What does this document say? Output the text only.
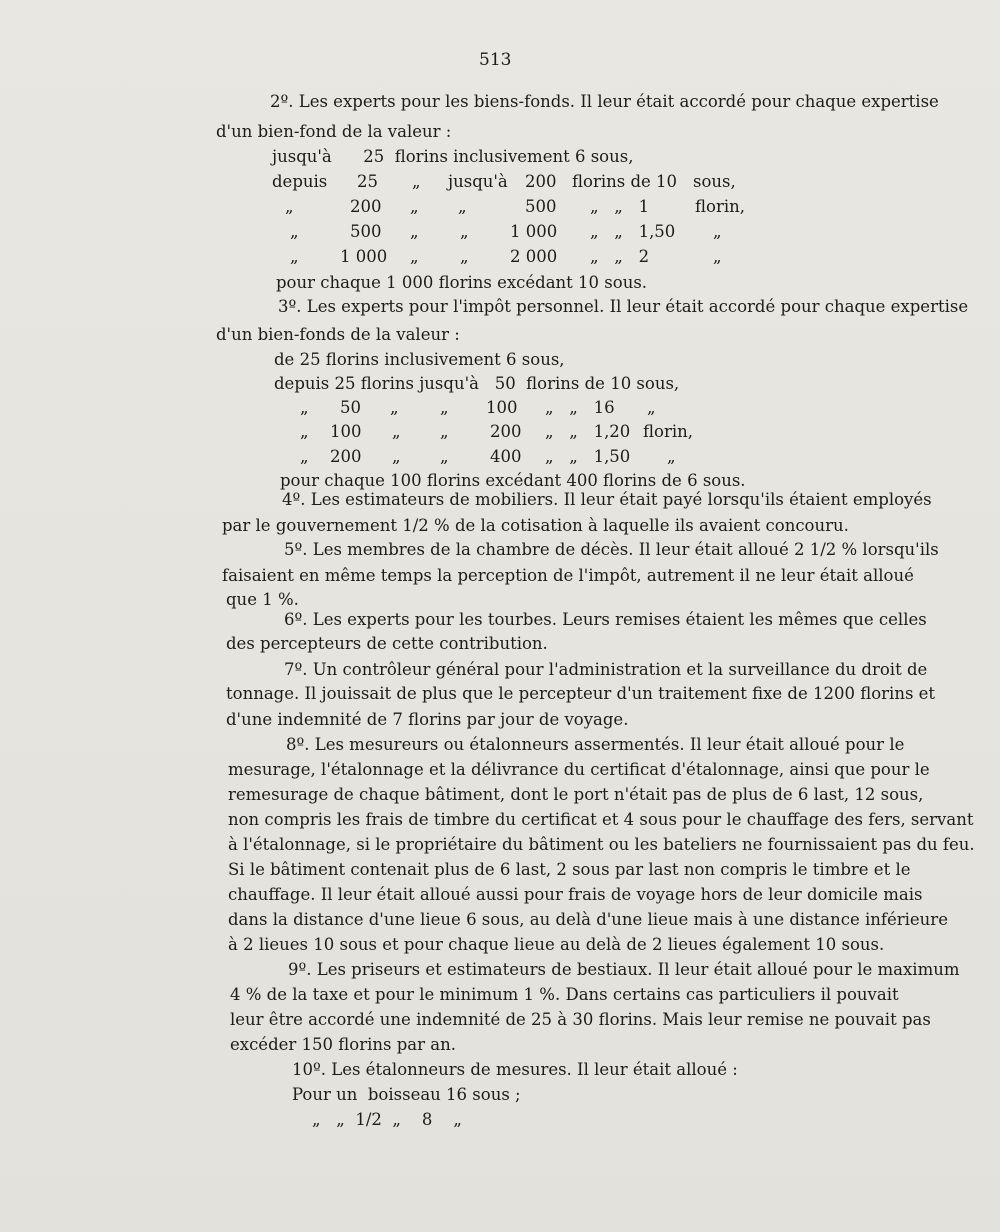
513
2º. Les experts pour les biens-fonds. Il leur était accordé pour chaque expertise
d'un bien-fond de la valeur :
jusqu'à      25  florins inclusivement 6 sous,
depuis 25 „ jusqu'à 200 florins de 10 sous,
„	200 „ „	500 „   „   1	florin,
„	500 „	„	1 000 „   „   1,50 „
„	1 000 „	„	2 000 „   „   2	„
pour chaque 1 000 florins excédant 10 sous.
3º. Les experts pour l'impôt personnel. Il leur était accordé pour chaque expertise
d'un bien-fonds de la valeur :
de 25 florins inclusivement 6 sous,
depuis 25 florins jusqu'à   50  florins de 10 sous,
„ 50 „	„ 100 „   „   16 „
„ 100 „ „	200 „   „   1,20 florin,
„ 200 „ „	400 „   „   1,50 „
pour chaque 100 florins excédant 400 florins de 6 sous.
4º. Les estimateurs de mobiliers. Il leur était payé lorsqu'ils étaient employés
par le gouvernement 1/2 % de la cotisation à laquelle ils avaient concouru.
5º. Les membres de la chambre de décès. Il leur était alloué 2 1/2 % lorsqu'ils
faisaient en même temps la perception de l'impôt, autrement il ne leur était alloué
que 1 %.
6º. Les experts pour les tourbes. Leurs remises étaient les mêmes que celles
des percepteurs de cette contribution.
7º. Un contrôleur général pour l'administration et la surveillance du droit de
tonnage. Il jouissait de plus que le percepteur d'un traitement fixe de 1200 florins et
d'une indemnité de 7 florins par jour de voyage.
8º. Les mesureurs ou étalonneurs assermentés. Il leur était alloué pour le
mesurage, l'étalonnage et la délivrance du certificat d'étalonnage, ainsi que pour le
remesurage de chaque bâtiment, dont le port n'était pas de plus de 6 last, 12 sous,
non compris les frais de timbre du certificat et 4 sous pour le chauffage des fers, servant
à l'étalonnage, si le propriétaire du bâtiment ou les bateliers ne fournissaient pas du feu.
Si le bâtiment contenait plus de 6 last, 2 sous par last non compris le timbre et le
chauffage. Il leur était alloué aussi pour frais de voyage hors de leur domicile mais
dans la distance d'une lieue 6 sous, au delà d'une lieue mais à une distance inférieure
à 2 lieues 10 sous et pour chaque lieue au delà de 2 lieues également 10 sous.
9º. Les priseurs et estimateurs de bestiaux. Il leur était alloué pour le maximum
4 % de la taxe et pour le minimum 1 %. Dans certains cas particuliers il pouvait
leur être accordé une indemnité de 25 à 30 florins. Mais leur remise ne pouvait pas
excéder 150 florins par an.
10º. Les étalonneurs de mesures. Il leur était alloué :
Pour un  boisseau 16 sous ;
„   „  1/2  „    8    „
